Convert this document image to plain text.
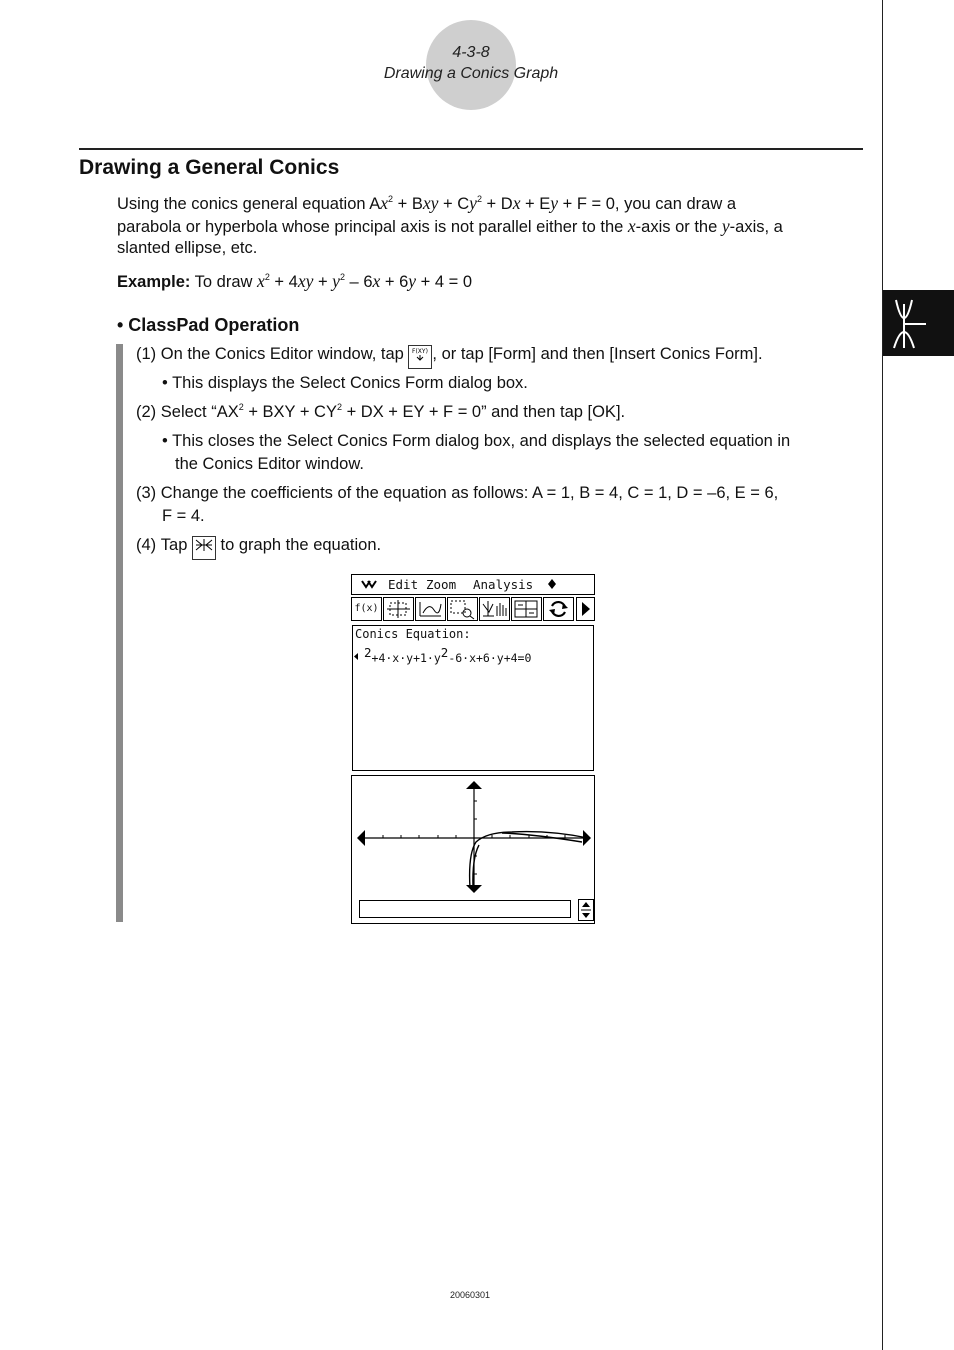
4-3-8
Drawing a Conics Graph
Drawing a General Conics
Using the conics general equation $Ax^2$ + Bxy + $Cy^2 + Dx + Ey + F = 0$, you can draw a
parabola or hyperbola whose principal axis is not parallel either to the x-axis or the y-axis, a
slanted ellipse, etc.
Example: To draw $x^2 + 4xy + y^2 - 6x + 6y + 4 = 0$
• ClassPad Operation
(1) On the Conics Editor window, tap F(XY) , or tap [Form] and then [Insert Conics Form].
• This displays the Select Conics Form dialog box.
(2) Select “$AX^2$ + BXY + $CY^2$ + DX + EY + F = 0” and then tap [OK].
• This closes the Select Conics Form dialog box, and displays the selected equation in
the Conics Editor window.
(3) Change the coefficients of the equation as follows: A = 1, B = 4, C = 1, D = –6, E = 6,
F = 4.
(4) Tap  to graph the equation.
Edit Zoom Analysis
f(x)
Conics Equation:
2+4·x·y+1·y2-6·x+6·y+4=0
20060301
